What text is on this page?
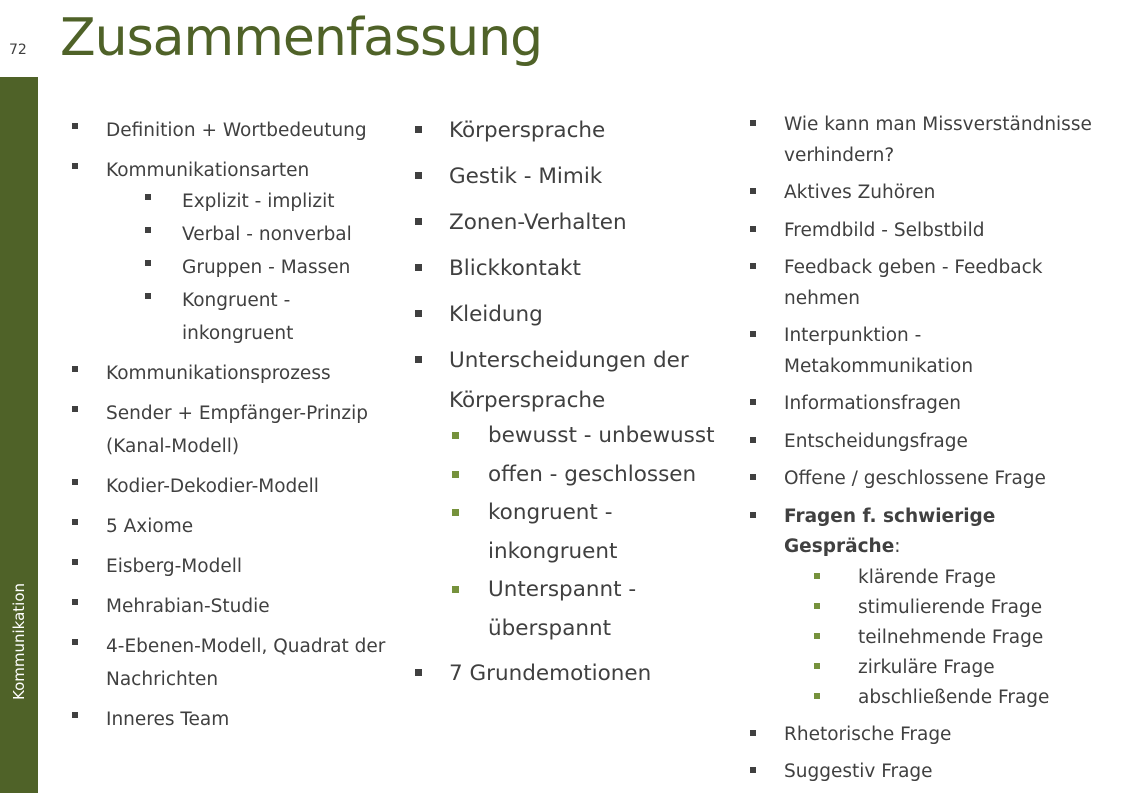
Kommunikation
72 Zusammenfassung
Definition + Wortbedeutung
Kommunikationsarten
Explizit - implizit
Verbal - nonverbal
Gruppen - Massen
Kongruent - inkongruent
Kommunikationsprozess
Sender + Empfänger-Prinzip (Kanal-Modell)
Kodier-Dekodier-Modell
5 Axiome
Eisberg-Modell
Mehrabian-Studie
4-Ebenen-Modell, Quadrat der Nachrichten
Inneres Team
Körpersprache
Gestik - Mimik
Zonen-Verhalten
Blickkontakt
Kleidung
Unterscheidungen der Körpersprache
bewusst - unbewusst
offen - geschlossen
kongruent - inkongruent
Unterspannt - überspannt
7 Grundemotionen
Wie kann man Missverständnisse verhindern?
Aktives Zuhören
Fremdbild - Selbstbild
Feedback geben - Feedback nehmen
Interpunktion - Metakommunikation
Informationsfragen
Entscheidungsfrage
Offene / geschlossene Frage
Fragen f. schwierige Gespräche:
klärende Frage
stimulierende Frage
teilnehmende Frage
zirkuläre Frage
abschließende Frage
Rhetorische Frage
Suggestiv Frage
